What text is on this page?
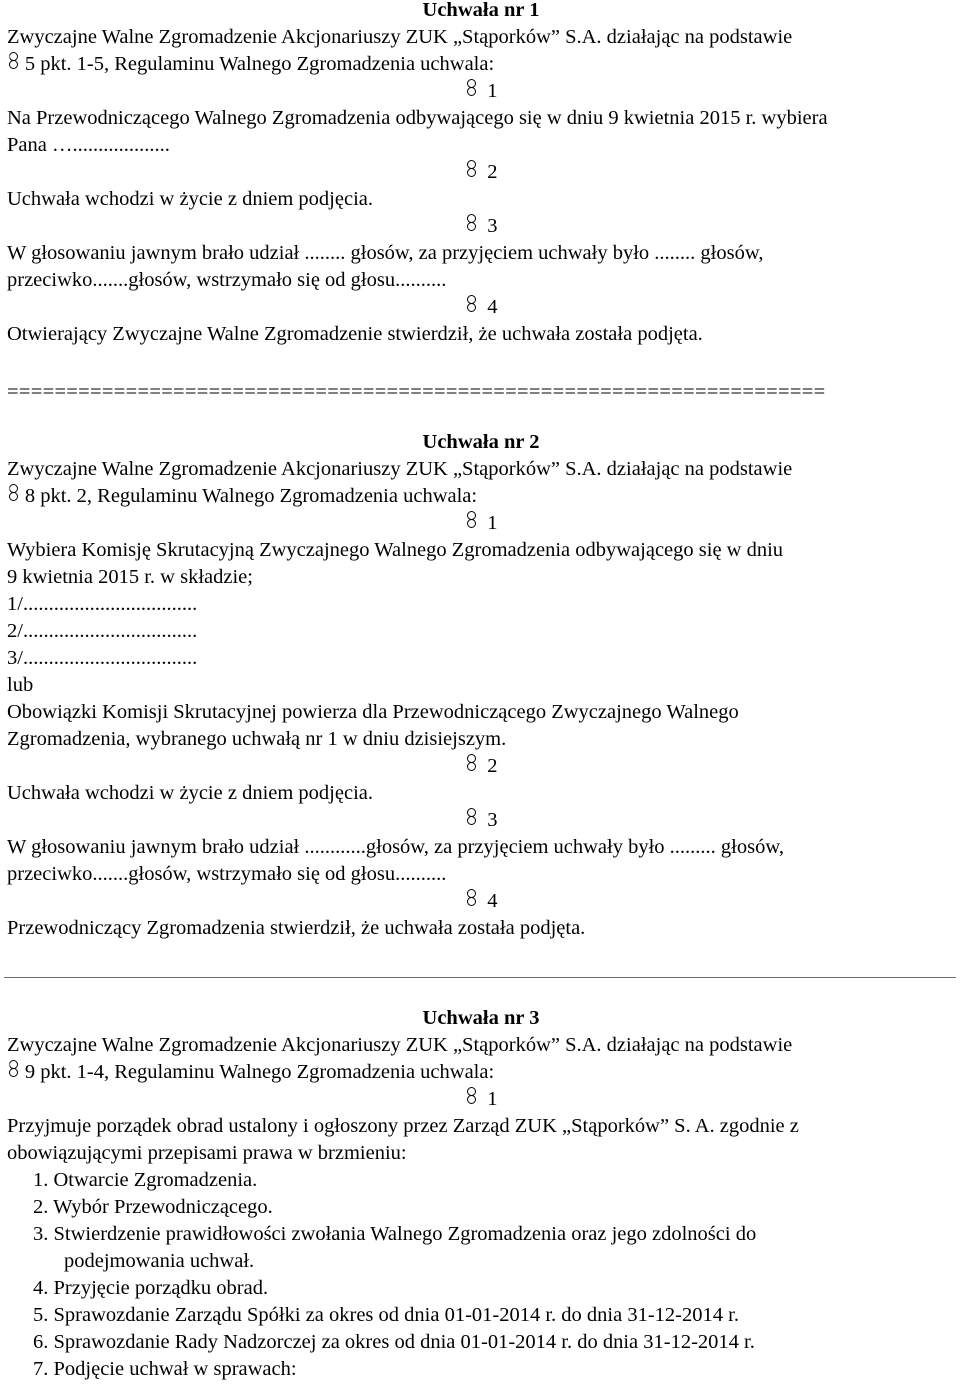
Uchwała nr 1
Zwyczajne Walne Zgromadzenie Akcjonariuszy ZUK „Stąporków” S.A. działając na podstawie
5 pkt. 1-5, Regulaminu Walnego Zgromadzenia uchwala:
1
Na Przewodniczącego Walnego Zgromadzenia odbywającego się w dniu 9 kwietnia 2015 r. wybiera
Pana …...................
2
Uchwała wchodzi w życie z dniem podjęcia.
3
W głosowaniu jawnym brało udział ........ głosów, za przyjęciem uchwały było ........ głosów,
przeciwko.......głosów, wstrzymało się od głosu..........
4
Otwierający Zwyczajne Walne Zgromadzenie stwierdził, że uchwała została podjęta.
=====================================================================
Uchwała nr 2
Zwyczajne Walne Zgromadzenie Akcjonariuszy ZUK „Stąporków” S.A. działając na podstawie
8 pkt. 2, Regulaminu Walnego Zgromadzenia uchwala:
1
Wybiera Komisję Skrutacyjną Zwyczajnego Walnego Zgromadzenia odbywającego się w dniu
9 kwietnia 2015 r. w składzie;
1/..................................
2/..................................
3/..................................
lub
Obowiązki Komisji Skrutacyjnej powierza dla Przewodniczącego Zwyczajnego Walnego
Zgromadzenia, wybranego uchwałą nr 1 w dniu dzisiejszym.
2
Uchwała wchodzi w życie z dniem podjęcia.
3
W głosowaniu jawnym brało udział ............głosów, za przyjęciem uchwały było ......... głosów,
przeciwko.......głosów, wstrzymało się od głosu..........
4
Przewodniczący Zgromadzenia stwierdził, że uchwała została podjęta.
Uchwała nr 3
Zwyczajne Walne Zgromadzenie Akcjonariuszy ZUK „Stąporków” S.A. działając na podstawie
9 pkt. 1-4, Regulaminu Walnego Zgromadzenia uchwala:
1
Przyjmuje porządek obrad ustalony i ogłoszony przez Zarząd ZUK „Stąporków” S. A. zgodnie z
obowiązującymi przepisami prawa w brzmieniu:
1. Otwarcie Zgromadzenia.
2. Wybór Przewodniczącego.
3. Stwierdzenie prawidłowości zwołania Walnego Zgromadzenia oraz jego zdolności do
podejmowania uchwał.
4. Przyjęcie porządku obrad.
5. Sprawozdanie Zarządu Spółki za okres od dnia 01-01-2014 r. do dnia 31-12-2014 r.
6. Sprawozdanie Rady Nadzorczej za okres od dnia 01-01-2014 r. do dnia 31-12-2014 r.
7. Podjęcie uchwał w sprawach:
